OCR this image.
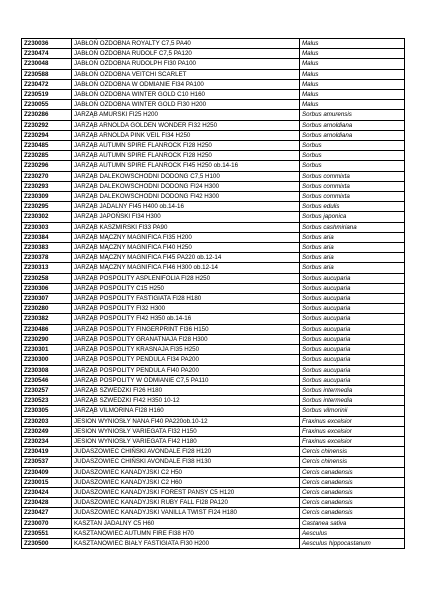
Z230036	JABŁOŃ OZDOBNA ROYALTY C7,5 PA40	Malus
Z230474	JABŁOŃ OZDOBNA RUDOLF C7,5 PA120	Malus
Z230048	JABŁOŃ OZDOBNA RUDOLPH FI30 PA100	Malus
Z230588	JABŁOŃ OZDOBNA VEITCHI SCARLET	Malus
Z230472	JABŁOŃ OZDOBNA W ODMIANIE FI34 PA100	Malus
Z230519	JABŁOŃ OZDOBNA WINTER GOLD C10 H160	Malus
Z230055	JABŁOŃ OZDOBNA WINTER GOLD FI30 H200	Malus
Z230286	JARZĄB AMURSKI FI25 H200	Sorbus amurensis
Z230292	JARZĄB ARNOLDA GOLDEN WONDER FI32 H250	Sorbus arnoldiana
Z230294	JARZĄB ARNOLDA PINK VEIL FI34 H250	Sorbus arnoldiana
Z230485	JARZĄB AUTUMN SPIRE FLANROCK FI28 H250	Sorbus
Z230285	JARZĄB AUTUMN SPIRE FLANROCK FI28 H250	Sorbus
Z230296	JARZĄB AUTUMN SPIRE FLANROCK FI45 H250 ob.14-16	Sorbus
Z230270	JARZĄB DALEKOWSCHODNI DODONG C7,5 H100	Sorbus commixta
Z230293	JARZĄB DALEKOWSCHODNI DODONG FI24 H300	Sorbus commixta
Z230309	JARZĄB DALEKOWSCHODNI DODONG FI42 H300	Sorbus commixta
Z230295	JARZĄB JADALNY FI45 H400 ob.14-16	Sorbus edulis
Z230302	JARZĄB JAPOŃSKI FI34 H300	Sorbus japonica
Z230303	JARZĄB KASZMIRSKI FI33 PA90	Sorbus cashmiriana
Z230384	JARZĄB MĄCZNY MAGNIFICA FI35 H200	Sorbus aria
Z230383	JARZĄB MĄCZNY MAGNIFICA FI40 H250	Sorbus aria
Z230378	JARZĄB MĄCZNY MAGNIFICA FI45 PA220 ob.12-14	Sorbus aria
Z230313	JARZĄB MĄCZNY MAGNIFICA FI46 H300 ob.12-14	Sorbus aria
Z230258	JARZĄB POSPOLITY ASPLENIFOLIA FI28 H250	Sorbus aucuparia
Z230306	JARZĄB POSPOLITY C15 H250	Sorbus aucuparia
Z230307	JARZĄB POSPOLITY FASTIGIATA FI28 H180	Sorbus aucuparia
Z230280	JARZĄB POSPOLITY FI32 H300	Sorbus aucuparia
Z230382	JARZĄB POSPOLITY FI42 H350 ob.14-16	Sorbus aucuparia
Z230486	JARZĄB POSPOLITY FINGERPRINT FI36 H150	Sorbus aucuparia
Z230290	JARZĄB POSPOLITY GRANATNAJA FI28 H300	Sorbus aucuparia
Z230301	JARZĄB POSPOLITY KRASNAJA FI35 H250	Sorbus aucuparia
Z230300	JARZĄB POSPOLITY PENDULA FI34 PA200	Sorbus aucuparia
Z230308	JARZĄB POSPOLITY PENDULA FI40 PA200	Sorbus aucuparia
Z230546	JARZĄB POSPOLITY W ODMIANIE C7,5 PA110	Sorbus aucuparia
Z230257	JARZĄB SZWEDZKI FI26 H180	Sorbus intermedia
Z230523	JARZĄB SZWEDZKI FI42 H350 10-12	Sorbus intermedia
Z230305	JARZĄB VILMORINA FI28 H160	Sorbus vilmorinii
Z230203	JESION WYNIOSŁY NANA FI40 PA220ob.10-12	Fraxinus excelsior
Z230249	JESION WYNIOSŁY VARIEGATA FI32 H150	Fraxinus excelsior
Z230234	JESION WYNIOSŁY VARIEGATA FI42 H180	Fraxinus excelsior
Z230419	JUDASZOWIEC CHIŃSKI AVONDALE FI28 H120	Cercis chinensis
Z230537	JUDASZOWIEC CHIŃSKI AVONDALE FI38 H130	Cercis chinensis
Z230409	JUDASZOWIEC KANADYJSKI C2 H50	Cercis canadensis
Z230015	JUDASZOWIEC KANADYJSKI C2 H60	Cercis canadensis
Z230424	JUDASZOWIEC KANADYJSKI FOREST PANSY C5 H120	Cercis canadensis
Z230428	JUDASZOWIEC KANADYJSKI RUBY FALL FI28 PA120	Cercis canadensis
Z230427	JUDASZOWIEC KANADYJSKI VANILLA TWIST FI24 H180	Cercis canadensis
Z230070	KASZTAN JADALNY C5 H60	Castanea sativa
Z230551	KASZTANOWIEC AUTUMN FIRE FI38 H70	Aesculus
Z230500	KASZTANOWIEC BIAŁY FASTIGIATA FI30 H200	Aesculus hippocastanum
